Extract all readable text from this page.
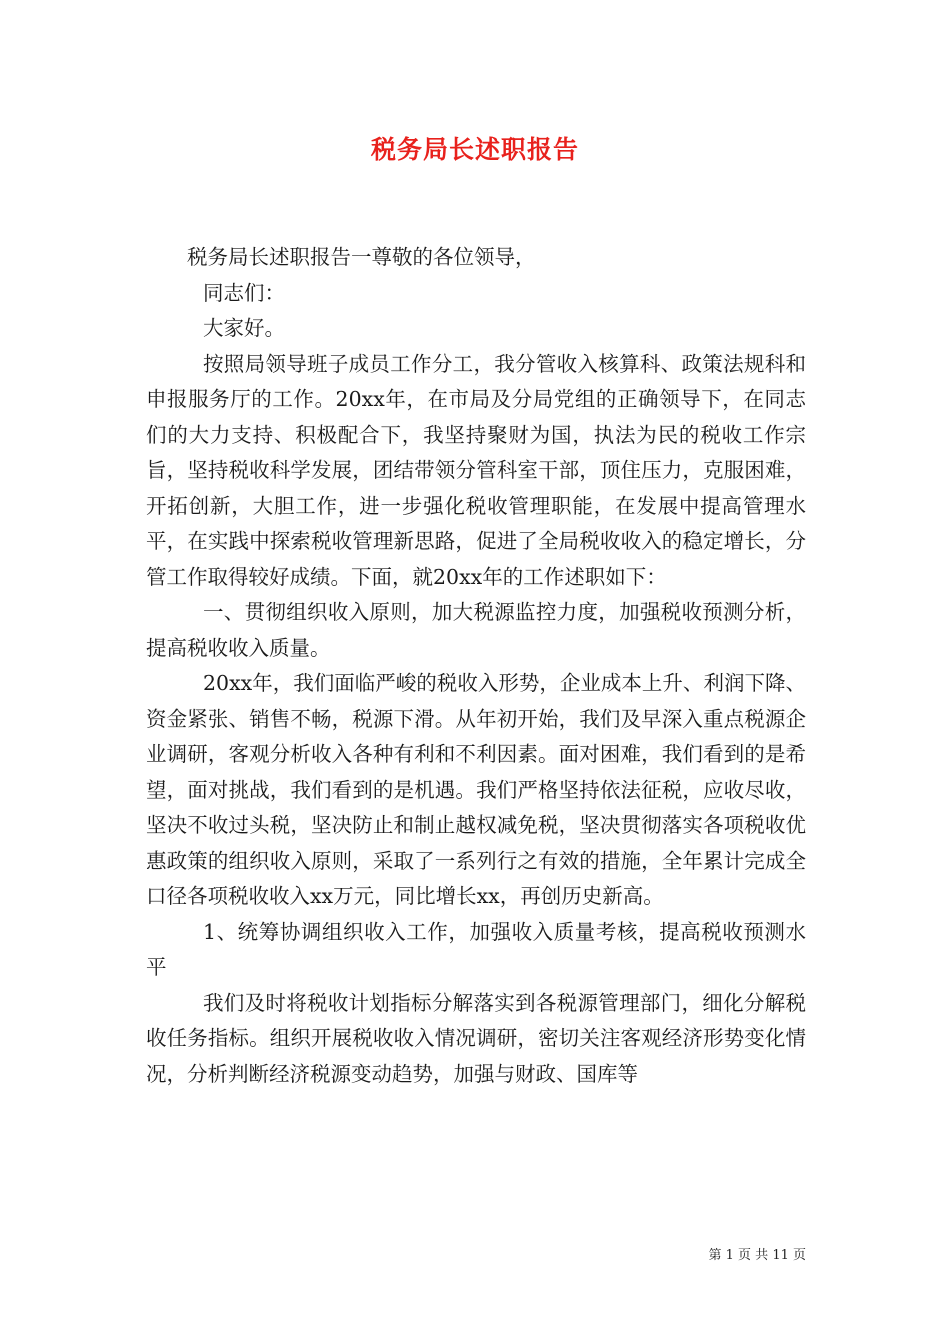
税务局长述职报告

税务局长述职报告一尊敬的各位领导，

同志们：

大家好。

按照局领导班子成员工作分工，我分管收入核算科、政策法规科和申报服务厅的工作。20xx年，在市局及分局党组的正确领导下，在同志们的大力支持、积极配合下，我坚持聚财为国，执法为民的税收工作宗旨，坚持税收科学发展，团结带领分管科室干部，顶住压力，克服困难，开拓创新，大胆工作，进一步强化税收管理职能，在发展中提高管理水平，在实践中探索税收管理新思路，促进了全局税收收入的稳定增长，分管工作取得较好成绩。下面，就20xx年的工作述职如下：

一、贯彻组织收入原则，加大税源监控力度，加强税收预测分析，提高税收收入质量。

20xx年，我们面临严峻的税收入形势，企业成本上升、利润下降、资金紧张、销售不畅，税源下滑。从年初开始，我们及早深入重点税源企业调研，客观分析收入各种有利和不利因素。面对困难，我们看到的是希望，面对挑战，我们看到的是机遇。我们严格坚持依法征税，应收尽收，坚决不收过头税，坚决防止和制止越权减免税，坚决贯彻落实各项税收优惠政策的组织收入原则，采取了一系列行之有效的措施，全年累计完成全口径各项税收收入xx万元，同比增长xx，再创历史新高。

1、统筹协调组织收入工作，加强收入质量考核，提高税收预测水平

我们及时将税收计划指标分解落实到各税源管理部门，细化分解税收任务指标。组织开展税收收入情况调研，密切关注客观经济形势变化情况，分析判断经济税源变动趋势，加强与财政、国库等

第 1 页 共 11 页
